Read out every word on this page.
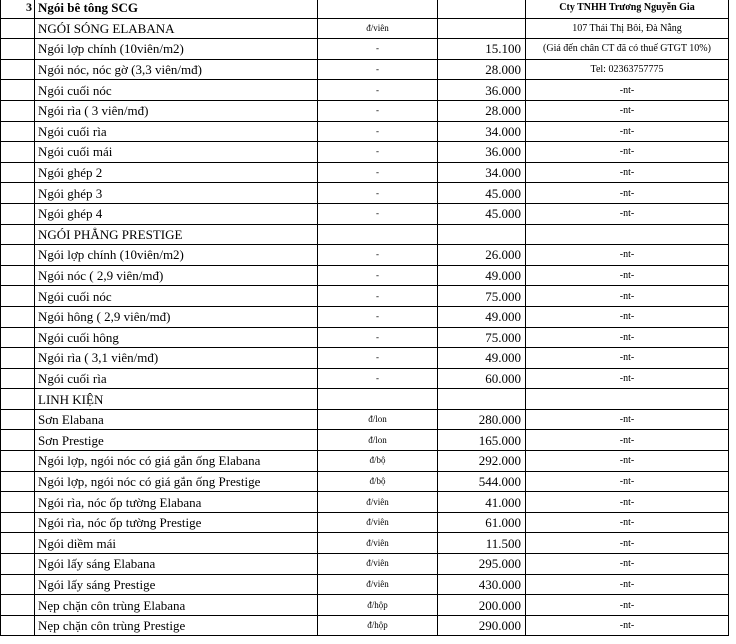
3	Ngói bê tông SCG			Cty TNHH Trương Nguyễn Gia
	NGÓI SÓNG ELABANA	đ/viên		107 Thái Thị Bôi, Đà Nẵng
	Ngói lợp chính (10viên/m2)	-	15.100	(Giá đến chân CT đã có thuế GTGT 10%)
	Ngói nóc, nóc gờ (3,3 viên/mđ)	-	28.000	Tel: 02363757775
	Ngói cuối nóc	-	36.000	-nt-
	Ngói rìa ( 3 viên/mđ)	-	28.000	-nt-
	Ngói cuối rìa	-	34.000	-nt-
	Ngói cuối mái	-	36.000	-nt-
	Ngói ghép 2	-	34.000	-nt-
	Ngói ghép 3	-	45.000	-nt-
	Ngói ghép 4	-	45.000	-nt-
	NGÓI PHẲNG PRESTIGE			
	Ngói lợp chính (10viên/m2)	-	26.000	-nt-
	Ngói nóc ( 2,9 viên/mđ)	-	49.000	-nt-
	Ngói cuối nóc	-	75.000	-nt-
	Ngói hông ( 2,9 viên/mđ)	-	49.000	-nt-
	Ngói cuối hông	-	75.000	-nt-
	Ngói rìa ( 3,1 viên/mđ)	-	49.000	-nt-
	Ngói cuối rìa	-	60.000	-nt-
	LINH KIỆN			
	Sơn Elabana	đ/lon	280.000	-nt-
	Sơn Prestige	đ/lon	165.000	-nt-
	Ngói lợp, ngói nóc có giá gắn ống Elabana	đ/bộ	292.000	-nt-
	Ngói lợp, ngói nóc có giá gắn ống Prestige	đ/bộ	544.000	-nt-
	Ngói rìa, nóc ốp tường Elabana	đ/viên	41.000	-nt-
	Ngói rìa, nóc ốp tường Prestige	đ/viên	61.000	-nt-
	Ngói diềm mái	đ/viên	11.500	-nt-
	Ngói lấy sáng Elabana	đ/viên	295.000	-nt-
	Ngói lấy sáng Prestige	đ/viên	430.000	-nt-
	Nẹp chặn côn trùng Elabana	đ/hộp	200.000	-nt-
	Nẹp chặn côn trùng Prestige	đ/hộp	290.000	-nt-
